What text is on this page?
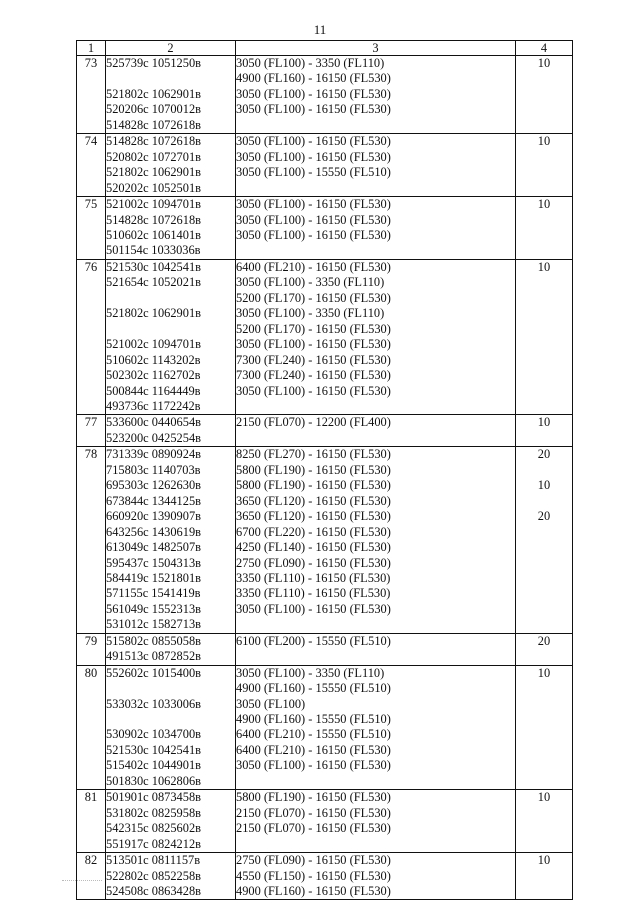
11
1	2	3	4
73	525739с 1051250в	3050 (FL100) - 3350 (FL110)	10
		4900 (FL160) - 16150 (FL530)	
	521802с 1062901в	3050 (FL100) - 16150 (FL530)	
	520206с 1070012в	3050 (FL100) - 16150 (FL530)	
	514828с 1072618в		
74	514828с 1072618в	3050 (FL100) - 16150 (FL530)	10
	520802с 1072701в	3050 (FL100) - 16150 (FL530)	
	521802с 1062901в	3050 (FL100) - 15550 (FL510)	
	520202с 1052501в		
75	521002с 1094701в	3050 (FL100) - 16150 (FL530)	10
	514828с 1072618в	3050 (FL100) - 16150 (FL530)	
	510602с 1061401в	3050 (FL100) - 16150 (FL530)	
	501154с 1033036в		
76	521530с 1042541в	6400 (FL210) - 16150 (FL530)	10
	521654с 1052021в	3050 (FL100) - 3350 (FL110)	
		5200 (FL170) - 16150 (FL530)	
	521802с 1062901в	3050 (FL100) - 3350 (FL110)	
		5200 (FL170) - 16150 (FL530)	
	521002с 1094701в	3050 (FL100) - 16150 (FL530)	
	510602с 1143202в	7300 (FL240) - 16150 (FL530)	
	502302с 1162702в	7300 (FL240) - 16150 (FL530)	
	500844с 1164449в	3050 (FL100) - 16150 (FL530)	
	493736с 1172242в		
77	533600с 0440654в	2150 (FL070) - 12200 (FL400)	10
	523200с 0425254в		
78	731339с 0890924в	8250 (FL270) - 16150 (FL530)	20
	715803с 1140703в	5800 (FL190) - 16150 (FL530)	
	695303с 1262630в	5800 (FL190) - 16150 (FL530)	10
	673844с 1344125в	3650 (FL120) - 16150 (FL530)	
	660920с 1390907в	3650 (FL120) - 16150 (FL530)	20
	643256с 1430619в	6700 (FL220) - 16150 (FL530)	
	613049с 1482507в	4250 (FL140) - 16150 (FL530)	
	595437с 1504313в	2750 (FL090) - 16150 (FL530)	
	584419с 1521801в	3350 (FL110) - 16150 (FL530)	
	571155с 1541419в	3350 (FL110) - 16150 (FL530)	
	561049с 1552313в	3050 (FL100) - 16150 (FL530)	
	531012с 1582713в		
79	515802с 0855058в	6100 (FL200) - 15550 (FL510)	20
	491513с 0872852в		
80	552602с 1015400в	3050 (FL100) - 3350 (FL110)	10
		4900 (FL160) - 15550 (FL510)	
	533032с 1033006в	3050 (FL100)	
		4900 (FL160) - 15550 (FL510)	
	530902с 1034700в	6400 (FL210) - 15550 (FL510)	
	521530с 1042541в	6400 (FL210) - 16150 (FL530)	
	515402с 1044901в	3050 (FL100) - 16150 (FL530)	
	501830с 1062806в		
81	501901с 0873458в	5800 (FL190) - 16150 (FL530)	10
	531802с 0825958в	2150 (FL070) - 16150 (FL530)	
	542315с 0825602в	2150 (FL070) - 16150 (FL530)	
	551917с 0824212в		
82	513501с 0811157в	2750 (FL090) - 16150 (FL530)	10
	522802с 0852258в	4550 (FL150) - 16150 (FL530)	
	524508с 0863428в	4900 (FL160) - 16150 (FL530)	
